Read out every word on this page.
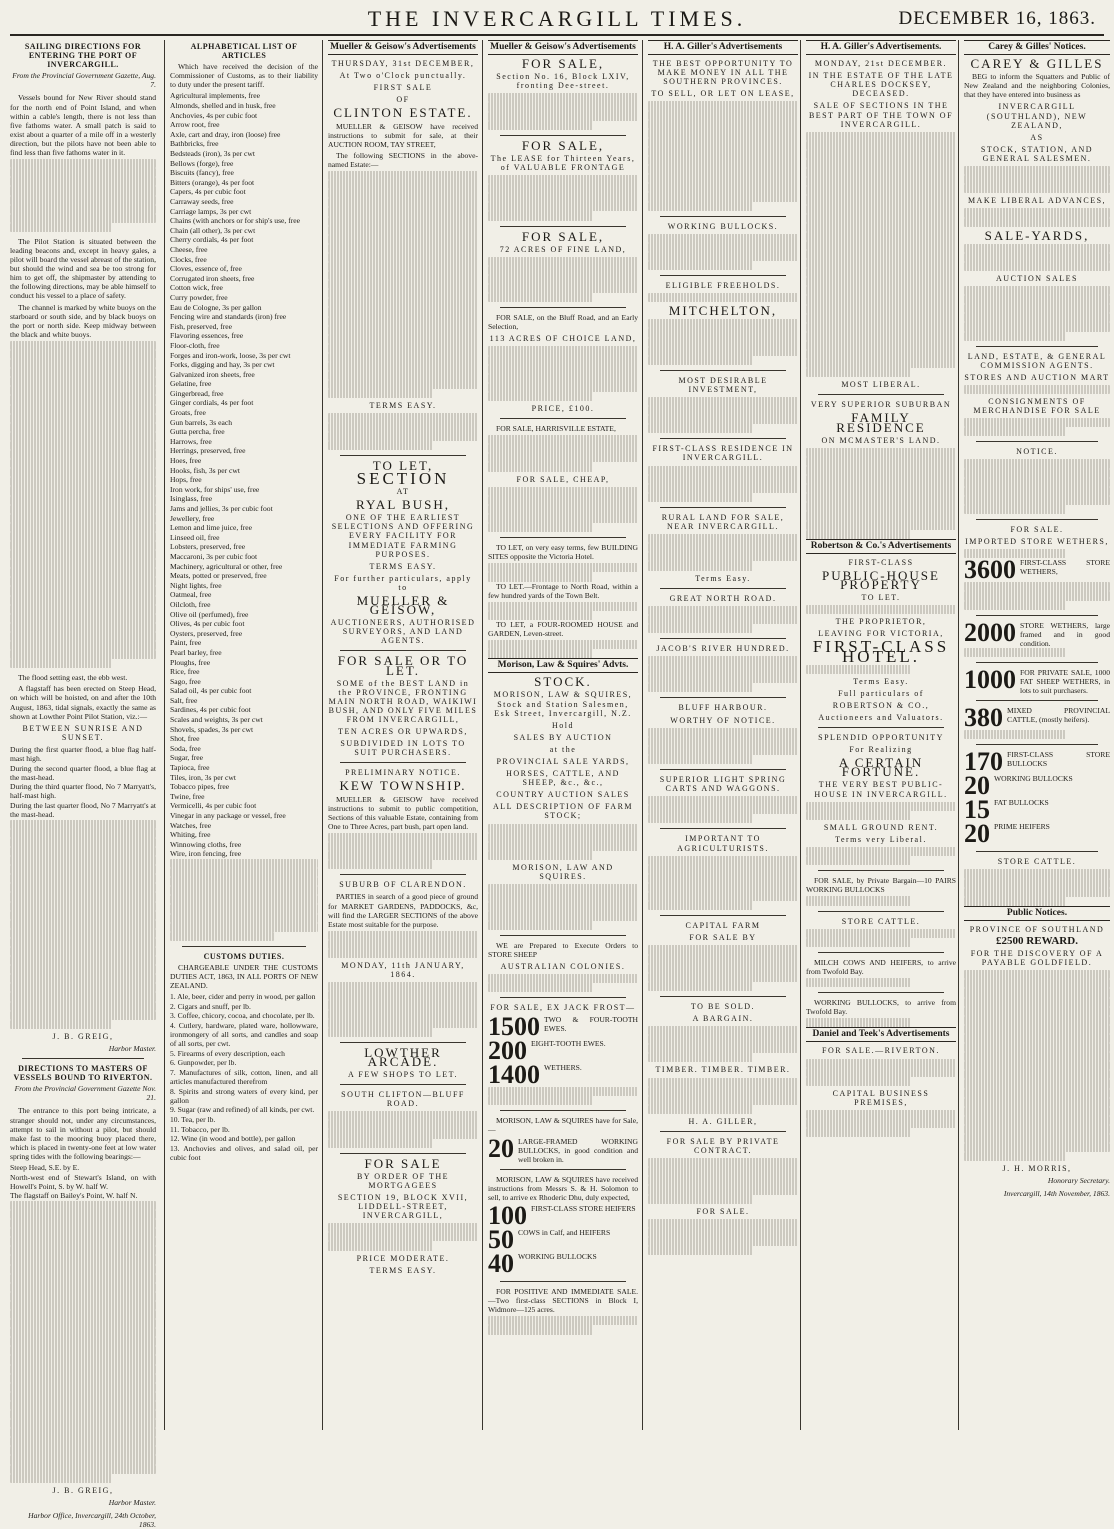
THE INVERCARGILL TIMES.	DECEMBER 16, 1863.
SAILING DIRECTIONS FOR ENTERING THE PORT OF INVERCARGILL.
From the Provincial Government Gazette, Aug. 7.

Vessels bound for New River should stand for the north end of Point Island, and when within a cable's length, there is not less than five fathoms water. A small patch is said to exist about a quarter of a mile off in a westerly direction, but the pilots have not been able to find less than five fathoms water in it.

The Pilot Station is situated between the leading beacons and, except in heavy gales, a pilot will board the vessel abreast of the station, but should the wind and sea be too strong for him to get off, the shipmaster by attending to the following directions, may be able himself to conduct his vessel to a place of safety.

The channel is marked by white buoys on the starboard or south side, and by black buoys on the port or north side. Keep midway between the black and white buoys.

The flood setting east, the ebb west.

A flagstaff has been erected on Steep Head, on which will be hoisted, on and after the 10th August, 1863, tidal signals, exactly the same as shown at Lowther Point Pilot Station, viz.:—

BETWEEN SUNRISE AND SUNSET.
During the first quarter flood, a blue flag half-mast high.
During the second quarter flood, a blue flag at the mast-head.
During the third quarter flood, No 7 Marryatt's, half-mast high.
During the last quarter flood, No 7 Marryatt's at the mast-head.
J. B. GREIG,
Harbor Master.
DIRECTIONS TO MASTERS OF VESSELS BOUND TO RIVERTON.
From the Provincial Government Gazette Nov. 21.

The entrance to this port being intricate, a stranger should not, under any circumstances, attempt to sail in without a pilot, but should make fast to the mooring buoy placed there, which is placed in twenty-one feet at low water spring tides with the following bearings:—

Steep Head, S.E. by E.
North-west end of Stewart's Island, on with Howell's Point, S. by W. half W.
The flagstaff on Bailey's Point, W. half N.
J. B. GREIG,
Harbor Master.
Harbor Office, Invercargill, 24th October, 1863.
ALPHABETICAL LIST OF ARTICLES

Which have received the decision of the Commissioner of Customs, as to their liability to duty under the present tariff.

Agricultural implements, free
Almonds, shelled and in husk, free
Anchovies, 4s per cubic foot
Arrow root, free
Axle, cart and dray, iron (loose) free
Bathbricks, free
Bedsteads (iron), 3s per cwt
Bellows (forge), free
Biscuits (fancy), free
Bitters (orange), 4s per foot
Capers, 4s per cubic foot
Carraway seeds, free
Carriage lamps, 3s per cwt
Chains (with anchors or for ship's use, free
Chain (all other), 3s per cwt
Cherry cordials, 4s per foot
Cheese, free
Clocks, free
Cloves, essence of, free
Corrugated iron sheets, free
Cotton wick, free
Curry powder, free
Eau de Cologne, 3s per gallon
Fencing wire and standards (iron) free
Fish, preserved, free
Flavoring essences, free
Floor-cloth, free
Forges and iron-work, loose, 3s per cwt
Forks, digging and hay, 3s per cwt
Galvanized iron sheets, free
Gelatine, free
Gingerbread, free
Ginger cordials, 4s per foot
Groats, free
Gun barrels, 3s each
Gutta percha, free
Harrows, free
Herrings, preserved, free
Hoes, free
Hooks, fish, 3s per cwt
Hops, free
Iron work, for ships' use, free
Isinglass, free
Jams and jellies, 3s per cubic foot
Jewellery, free
Lemon and lime juice, free
Linseed oil, free
Lobsters, preserved, free
Maccaroni, 3s per cubic foot
Machinery, agricultural or other, free
Meats, potted or preserved, free
Night lights, free
Oatmeal, free
Oilcloth, free
Olive oil (perfumed), free
Olives, 4s per cubic foot
Oysters, preserved, free
Paint, free
Pearl barley, free
Ploughs, free
Rice, free
Sago, free
Salad oil, 4s per cubic foot
Salt, free
Sardines, 4s per cubic foot
Scales and weights, 3s per cwt
Shovels, spades, 3s per cwt
Shot, free
Soda, free
Sugar, free
Tapioca, free
Tiles, iron, 3s per cwt
Tobacco pipes, free
Twine, free
Vermicelli, 4s per cubic foot
Vinegar in any package or vessel, free
Watches, free
Whiting, free
Winnowing cloths, free
Wire, iron fencing, free
CUSTOMS DUTIES.

CHARGEABLE UNDER THE CUSTOMS DUTIES ACT, 1863, IN ALL PORTS OF NEW ZEALAND.

1. Ale, beer, cider and perry in wood, per gallon
2. Cigars and snuff, per lb.
3. Coffee, chicory, cocoa, and chocolate, per lb.
4. Cutlery, hardware, plated ware, hollowware, ironmongery of all sorts, and candles and soap of all sorts, per cwt.
5. Firearms of every description, each
6. Gunpowder, per lb.
7. Manufactures of silk, cotton, linen, and all articles manufactured therefrom
8. Spirits and strong waters of every kind, per gallon
9. Sugar (raw and refined) of all kinds, per cwt.
10. Tea, per lb.
11. Tobacco, per lb.
12. Wine (in wood and bottle), per gallon
13. Anchovies and olives, and salad oil, per cubic foot
Mueller & Geisow's Advertisements
THURSDAY, 31st DECEMBER,
At Two o'Clock punctually.
FIRST SALE
OF
CLINTON ESTATE.

MUELLER & GEISOW have received instructions to submit for sale, at their AUCTION ROOM, TAY STREET,

The following SECTIONS in the above-named Estate:—

TERMS EASY.
TO LET,
SECTION
AT
RYAL BUSH,
ONE OF THE EARLIEST SELECTIONS AND OFFERING EVERY FACILITY FOR IMMEDIATE FARMING PURPOSES.
TERMS EASY.
For further particulars, apply to
MUELLER & GEISOW,
AUCTIONEERS, AUTHORISED SURVEYORS, AND LAND AGENTS.
FOR SALE OR TO LET.
SOME of the BEST LAND in the PROVINCE, FRONTING MAIN NORTH ROAD, WAIKIWI BUSH, AND ONLY FIVE MILES FROM INVERCARGILL,
TEN ACRES OR UPWARDS,
SUBDIVIDED IN LOTS TO SUIT PURCHASERS.
PRELIMINARY NOTICE.
KEW TOWNSHIP.

MUELLER & GEISOW have received instructions to submit to public competition, Sections of this valuable Estate, containing from One to Three Acres, part bush, part open land.

SUBURB OF CLARENDON.

PARTIES in search of a good piece of ground for MARKET GARDENS, PADDOCKS, &c, will find the LARGER SECTIONS of the above Estate most suitable for the purpose.

MONDAY, 11th JANUARY, 1864.
LOWTHER ARCADE.
A FEW SHOPS TO LET.
SOUTH CLIFTON—BLUFF ROAD.
FOR SALE
BY ORDER OF THE MORTGAGEES
SECTION 19, BLOCK XVII, LIDDELL-STREET, INVERCARGILL,
PRICE MODERATE.
TERMS EASY.
Mueller & Geisow's Advertisements
FOR SALE,
Section No. 16, Block LXIV, fronting Dee-street.
FOR SALE,
The LEASE for Thirteen Years, of VALUABLE FRONTAGE
FOR SALE,
72 ACRES OF FINE LAND,

FOR SALE, on the Bluff Road, and an Early Selection,

113 ACRES OF CHOICE LAND,
PRICE, £100.

FOR SALE, HARRISVILLE ESTATE,

FOR SALE, CHEAP,

TO LET, on very easy terms, few BUILDING SITES opposite the Victoria Hotel.

TO LET.—Frontage to North Road, within a few hundred yards of the Town Belt.

TO LET, a FOUR-ROOMED HOUSE and GARDEN, Leven-street.

Morison, Law & Squires' Advts.
STOCK.
MORISON, LAW & SQUIRES, Stock and Station Salesmen, Esk Street, Invercargill, N.Z.
Hold
SALES BY AUCTION
at the
PROVINCIAL SALE YARDS,
HORSES, CATTLE, AND SHEEP, &c., &c.,
COUNTRY AUCTION SALES
ALL DESCRIPTION OF FARM STOCK;
MORISON, LAW AND SQUIRES.

WE are Prepared to Execute Orders to STORE SHEEP

AUSTRALIAN COLONIES.
FOR SALE, EX JACK FROST—
1500 TWO & FOUR-TOOTH EWES.
200 EIGHT-TOOTH EWES.
1400 WETHERS.

MORISON, LAW & SQUIRES have for Sale,—

20 LARGE-FRAMED WORKING BULLOCKS, in good condition and well broken in.

MORISON, LAW & SQUIRES have received instructions from Messrs S. & H. Solomon to sell, to arrive ex Rhoderic Dhu, duly expected,

100 FIRST-CLASS STORE HEIFERS
50 COWS in Calf, and HEIFERS
40 WORKING BULLOCKS

FOR POSITIVE AND IMMEDIATE SALE.—Two first-class SECTIONS in Block I, Widmore—125 acres.

H. A. Giller's Advertisements
THE BEST OPPORTUNITY TO MAKE MONEY IN ALL THE SOUTHERN PROVINCES.
TO SELL, OR LET ON LEASE,
WORKING BULLOCKS.
ELIGIBLE FREEHOLDS.
MITCHELTON,
MOST DESIRABLE INVESTMENT,
FIRST-CLASS RESIDENCE IN INVERCARGILL.
RURAL LAND FOR SALE, NEAR INVERCARGILL.
Terms Easy.
GREAT NORTH ROAD.
JACOB'S RIVER HUNDRED.
BLUFF HARBOUR.
WORTHY OF NOTICE.
SUPERIOR LIGHT SPRING CARTS AND WAGGONS.
IMPORTANT TO AGRICULTURISTS.
CAPITAL FARM
FOR SALE BY
TO BE SOLD.
A BARGAIN.
TIMBER. TIMBER. TIMBER.
H. A. GILLER,
FOR SALE BY PRIVATE CONTRACT.
FOR SALE.
H. A. Giller's Advertisements.
MONDAY, 21st DECEMBER.
IN THE ESTATE OF THE LATE CHARLES DOCKSEY, DECEASED.
SALE OF SECTIONS IN THE BEST PART OF THE TOWN OF INVERCARGILL.
MOST LIBERAL.
VERY SUPERIOR SUBURBAN
FAMILY RESIDENCE
ON MCMASTER'S LAND.
Robertson & Co.'s Advertisements
FIRST-CLASS
PUBLIC-HOUSE PROPERTY
TO LET.
THE PROPRIETOR,
LEAVING FOR VICTORIA,
FIRST-CLASS HOTEL.
Terms Easy.
Full particulars of
ROBERTSON & CO.,
Auctioneers and Valuators.
SPLENDID OPPORTUNITY
For Realizing
A CERTAIN FORTUNE.
THE VERY BEST PUBLIC-HOUSE IN INVERCARGILL.
SMALL GROUND RENT.
Terms very Liberal.

FOR SALE, by Private Bargain—10 PAIRS WORKING BULLOCKS

STORE CATTLE.

MILCH COWS AND HEIFERS, to arrive from Twofold Bay.

WORKING BULLOCKS, to arrive from Twofold Bay.

Daniel and Teek's Advertisements
FOR SALE.—RIVERTON.
CAPITAL BUSINESS PREMISES,
Carey & Gilles' Notices.
CAREY & GILLES

BEG to inform the Squatters and Public of New Zealand and the neighboring Colonies, that they have entered into business as

INVERCARGILL (SOUTHLAND), NEW ZEALAND,
AS
STOCK, STATION, AND GENERAL SALESMEN.
MAKE LIBERAL ADVANCES,
SALE-YARDS,
AUCTION SALES
LAND, ESTATE, & GENERAL COMMISSION AGENTS.
STORES AND AUCTION MART
CONSIGNMENTS OF MERCHANDISE FOR SALE
NOTICE.
FOR SALE.
IMPORTED STORE WETHERS,
3600 FIRST-CLASS STORE WETHERS,
2000 STORE WETHERS, large framed and in good condition.
1000 FOR PRIVATE SALE, 1000 FAT SHEEP WETHERS, in lots to suit purchasers.
380 MIXED PROVINCIAL CATTLE, (mostly heifers).
170 FIRST-CLASS STORE BULLOCKS
20 WORKING BULLOCKS
15 FAT BULLOCKS
20 PRIME HEIFERS
STORE CATTLE.
Public Notices.
PROVINCE OF SOUTHLAND
£2500 REWARD.
FOR THE DISCOVERY OF A PAYABLE GOLDFIELD.
J. H. MORRIS,
Honorary Secretary.
Invercargill, 14th November, 1863.
